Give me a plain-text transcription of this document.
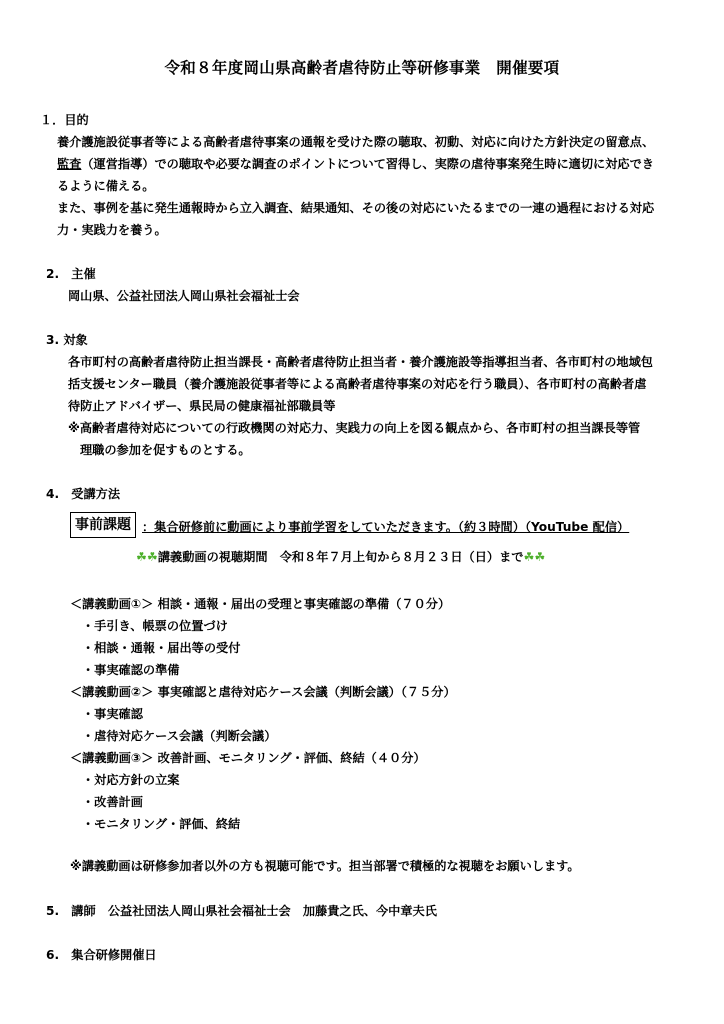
令和８年度岡山県高齢者虐待防止等研修事業　開催要項
１．目的
養介護施設従事者等による高齢者虐待事案の通報を受けた際の聴取、初動、対応に向けた方針決定の留意点、
監査（運営指導）での聴取や必要な調査のポイントについて習得し、実際の虐待事案発生時に適切に対応でき
るように備える。
また、事例を基に発生通報時から立入調査、結果通知、その後の対応にいたるまでの一連の過程における対応
力・実践力を養う。
2.　主催
岡山県、公益社団法人岡山県社会福祉士会
3. 対象
各市町村の高齢者虐待防止担当課長・高齢者虐待防止担当者・養介護施設等指導担当者、各市町村の地域包
括支援センター職員（養介護施設従事者等による高齢者虐待事案の対応を行う職員）、各市町村の高齢者虐
待防止アドバイザー、県民局の健康福祉部職員等
※高齢者虐待対応についての行政機関の対応力、実践力の向上を図る観点から、各市町村の担当課長等管
理職の参加を促すものとする。
4.　受講方法
事前課題 ：集合研修前に動画により事前学習をしていただきます。（約３時間）（YouTube 配信）
☘☘講義動画の視聴期間　令和８年７月上旬から８月２３日（日）まで☘☘
＜講義動画①＞ 相談・通報・届出の受理と事実確認の準備（７０分）
・手引き、帳票の位置づけ
・相談・通報・届出等の受付
・事実確認の準備
＜講義動画②＞ 事実確認と虐待対応ケース会議（判断会議）（７５分）
・事実確認
・虐待対応ケース会議（判断会議）
＜講義動画③＞ 改善計画、モニタリング・評価、終結（４０分）
・対応方針の立案
・改善計画
・モニタリング・評価、終結
※講義動画は研修参加者以外の方も視聴可能です。担当部署で積極的な視聴をお願いします。
5.　講師　公益社団法人岡山県社会福祉士会　加藤貴之氏、今中章夫氏
6.　集合研修開催日
